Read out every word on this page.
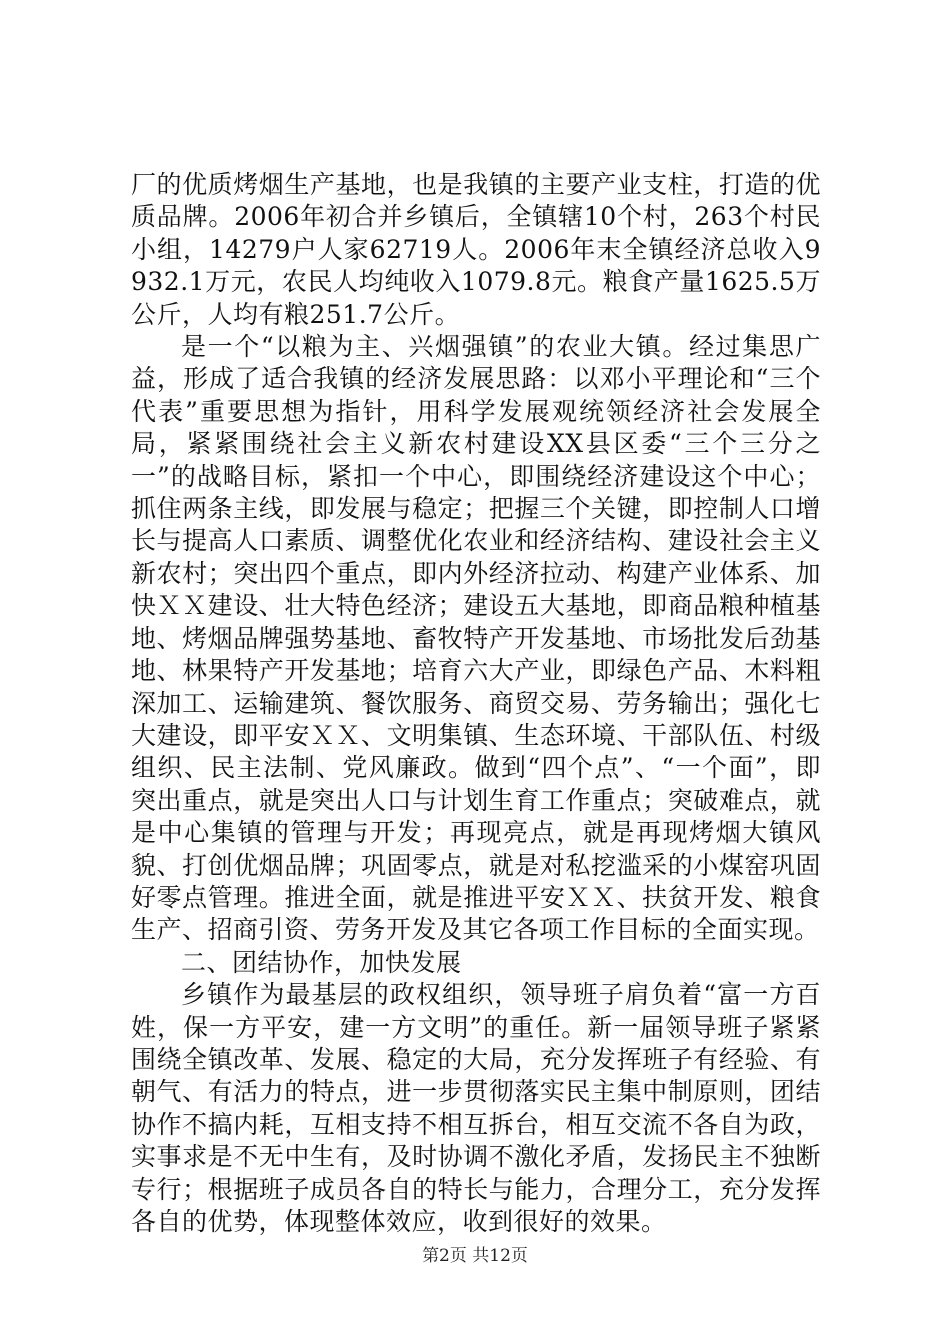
厂的优质烤烟生产基地，也是我镇的主要产业支柱，打造的优质品牌。2006年初合并乡镇后，全镇辖10个村，263个村民小组，14279户人家62719人。2006年末全镇经济总收入9932.1万元，农民人均纯收入1079.8元。粮食产量1625.5万公斤，人均有粮251.7公斤。

是一个“以粮为主、兴烟强镇”的农业大镇。经过集思广益，形成了适合我镇的经济发展思路：以邓小平理论和“三个代表”重要思想为指针，用科学发展观统领经济社会发展全局，紧紧围绕社会主义新农村建设XX县区委“三个三分之一”的战略目标，紧扣一个中心，即围绕经济建设这个中心；抓住两条主线，即发展与稳定；把握三个关键，即控制人口增长与提高人口素质、调整优化农业和经济结构、建设社会主义新农村；突出四个重点，即内外经济拉动、构建产业体系、加快ＸＸ建设、壮大特色经济；建设五大基地，即商品粮种植基地、烤烟品牌强势基地、畜牧特产开发基地、市场批发后劲基地、林果特产开发基地；培育六大产业，即绿色产品、木料粗深加工、运输建筑、餐饮服务、商贸交易、劳务输出；强化七大建设，即平安ＸＸ、文明集镇、生态环境、干部队伍、村级组织、民主法制、党风廉政。做到“四个点”、“一个面”，即突出重点，就是突出人口与计划生育工作重点；突破难点，就是中心集镇的管理与开发；再现亮点，就是再现烤烟大镇风貌、打创优烟品牌；巩固零点，就是对私挖滥采的小煤窑巩固好零点管理。推进全面，就是推进平安ＸＸ、扶贫开发、粮食生产、招商引资、劳务开发及其它各项工作目标的全面实现。

二、团结协作，加快发展

乡镇作为最基层的政权组织，领导班子肩负着“富一方百姓，保一方平安，建一方文明”的重任。新一届领导班子紧紧围绕全镇改革、发展、稳定的大局，充分发挥班子有经验、有朝气、有活力的特点，进一步贯彻落实民主集中制原则，团结协作不搞内耗，互相支持不相互拆台，相互交流不各自为政，实事求是不无中生有，及时协调不激化矛盾，发扬民主不独断专行；根据班子成员各自的特长与能力，合理分工，充分发挥各自的优势，体现整体效应，收到很好的效果。

第2页 共12页
